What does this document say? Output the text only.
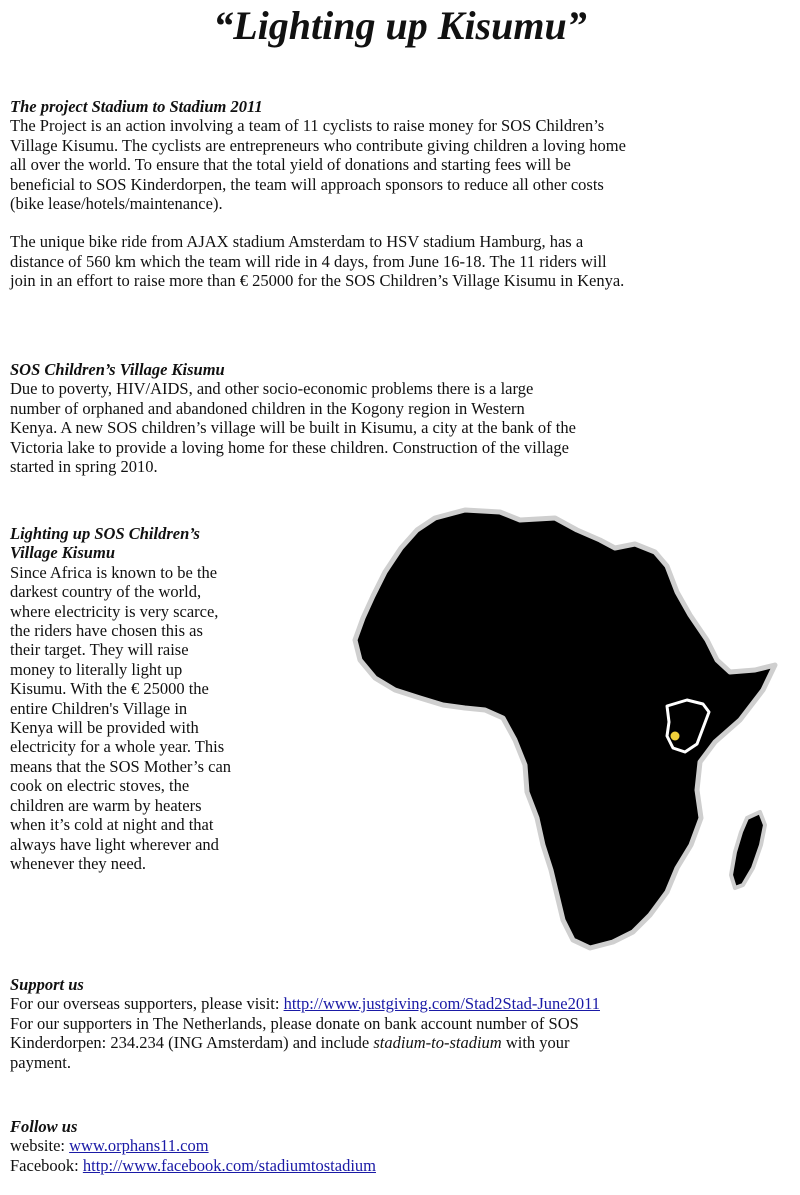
“Lighting up Kisumu”
The project Stadium to Stadium 2011
The Project is an action involving a team of 11 cyclists to raise money for SOS Children’s
Village Kisumu. The cyclists are entrepreneurs who contribute giving children a loving home
all over the world. To ensure that the total yield of donations and starting fees will be
beneficial to SOS Kinderdorpen, the team will approach sponsors to reduce all other costs
(bike lease/hotels/maintenance).
The unique bike ride from AJAX stadium Amsterdam to HSV stadium Hamburg, has a
distance of 560 km which the team will ride in 4 days, from June 16-18. The 11 riders will
join in an effort to raise more than € 25000 for the SOS Children’s Village Kisumu in Kenya.
SOS Children’s Village Kisumu
Due to poverty, HIV/AIDS, and other socio-economic problems there is a large
number of orphaned and abandoned children in the Kogony region in Western
Kenya. A new SOS children’s village will be built in Kisumu, a city at the bank of the
Victoria lake to provide a loving home for these children. Construction of the village
started in spring 2010.
Lighting up SOS Children’s
Village Kisumu
Since Africa is known to be the
darkest country of the world,
where electricity is very scarce,
the riders have chosen this as
their target. They will raise
money to literally light up
Kisumu. With the € 25000 the
entire Children's Village in
Kenya will be provided with
electricity for a whole year. This
means that the SOS Mother’s can
cook on electric stoves, the
children are warm by heaters
when it’s cold at night and that
always have light wherever and
whenever they need.
Support us
For our overseas supporters, please visit: http://www.justgiving.com/Stad2Stad-June2011
For our supporters in The Netherlands, please donate on bank account number of SOS
Kinderdorpen: 234.234 (ING Amsterdam) and include stadium-to-stadium with your
payment.
Follow us
website: www.orphans11.com
Facebook: http://www.facebook.com/stadiumtostadium
